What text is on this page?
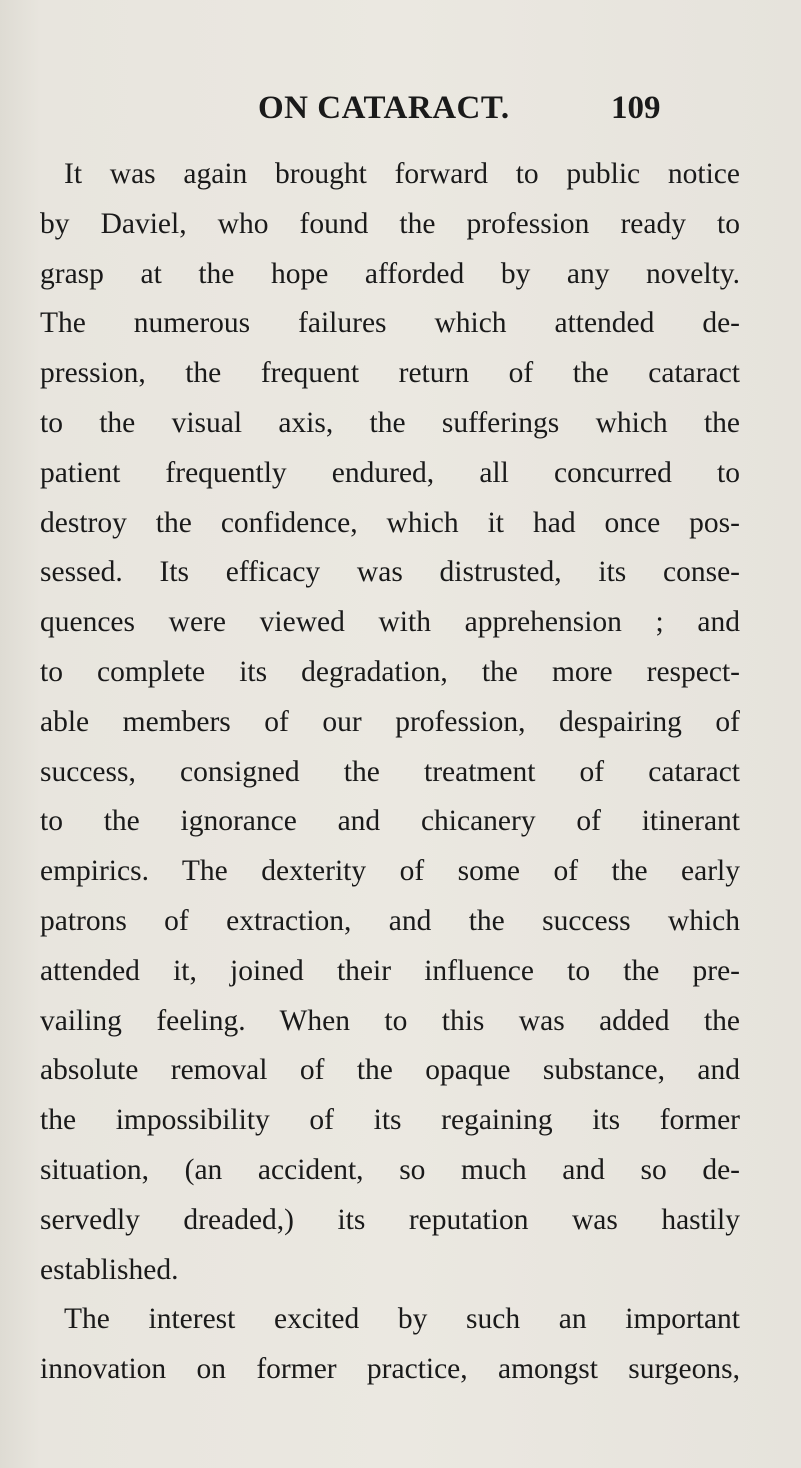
ON CATARACT.	109
It was again brought forward to public notice
by Daviel, who found the profession ready to
grasp at the hope afforded by any novelty.
The numerous failures which attended de-
pression, the frequent return of the cataract
to the visual axis, the sufferings which the
patient frequently endured, all concurred to
destroy the confidence, which it had once pos-
sessed. Its efficacy was distrusted, its conse-
quences were viewed with apprehension ; and
to complete its degradation, the more respect-
able members of our profession, despairing of
success, consigned the treatment of cataract
to the ignorance and chicanery of itinerant
empirics. The dexterity of some of the early
patrons of extraction, and the success which
attended it, joined their influence to the pre-
vailing feeling. When to this was added the
absolute removal of the opaque substance, and
the impossibility of its regaining its former
situation, (an accident, so much and so de-
servedly dreaded,) its reputation was hastily
established.
The interest excited by such an important
innovation on former practice, amongst surgeons,
